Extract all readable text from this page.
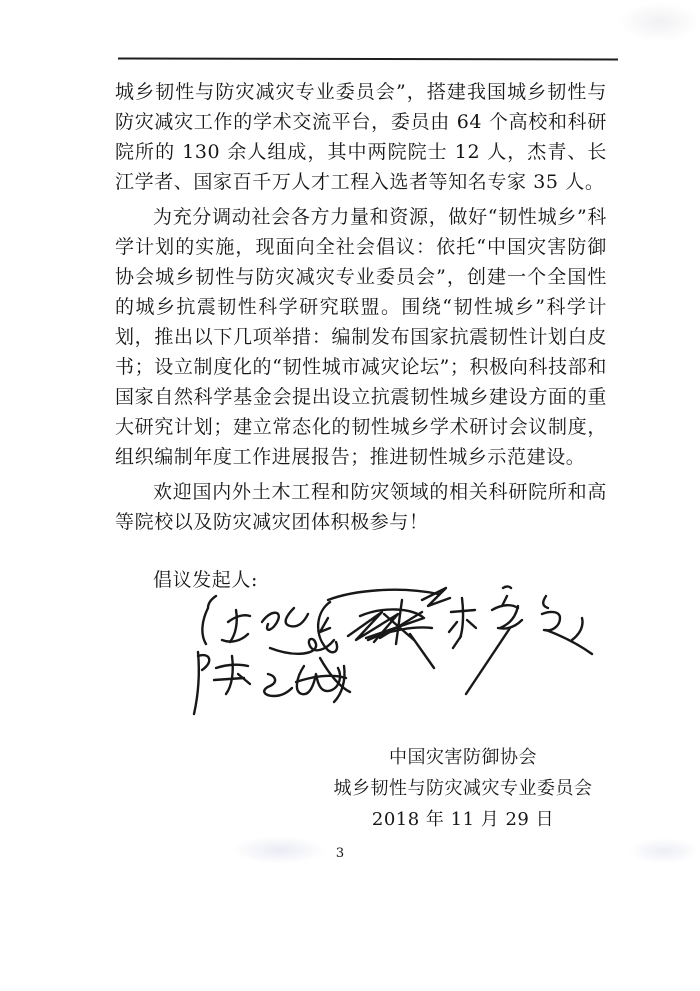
城乡韧性与防灾减灾专业委员会”，搭建我国城乡韧性与防灾减灾工作的学术交流平台，委员由 64 个高校和科研院所的 130 余人组成，其中两院院士 12 人，杰青、长江学者、国家百千万人才工程入选者等知名专家 35 人。

为充分调动社会各方力量和资源，做好“韧性城乡”科学计划的实施，现面向全社会倡议：依托“中国灾害防御协会城乡韧性与防灾减灾专业委员会”，创建一个全国性的城乡抗震韧性科学研究联盟。围绕“韧性城乡”科学计划，推出以下几项举措：编制发布国家抗震韧性计划白皮书；设立制度化的“韧性城市减灾论坛”；积极向科技部和国家自然科学基金会提出设立抗震韧性城乡建设方面的重大研究计划；建立常态化的韧性城乡学术研讨会议制度，组织编制年度工作进展报告；推进韧性城乡示范建设。

欢迎国内外土木工程和防灾领域的相关科研院所和高等院校以及防灾减灾团体积极参与！

倡议发起人:

中国灾害防御协会
城乡韧性与防灾减灾专业委员会
2018 年 11 月 29 日
3
